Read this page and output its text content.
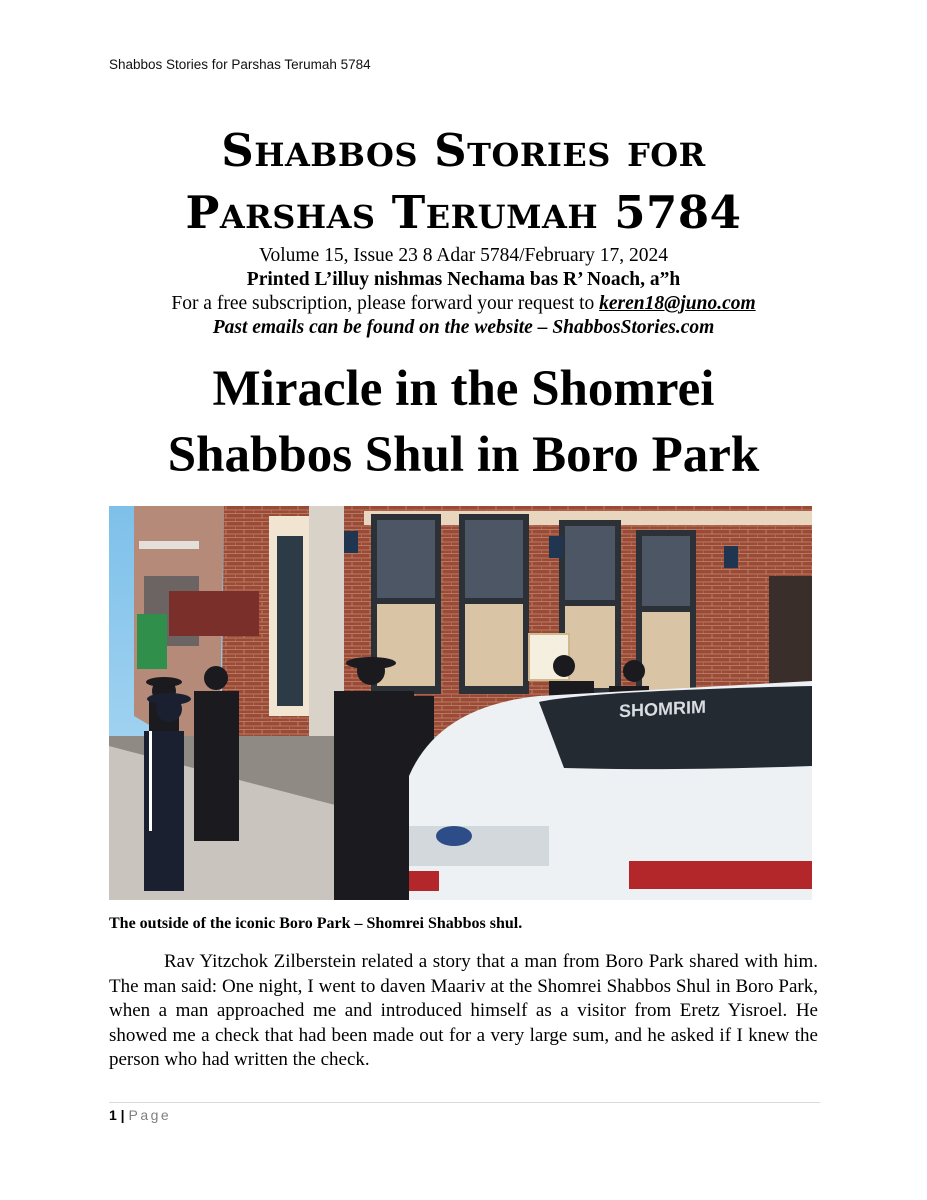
Shabbos Stories for Parshas Terumah 5784
Shabbos Stories for
Parshas Terumah 5784
Volume 15, Issue 23 8 Adar 5784/February 17, 2024
Printed L’illuy nishmas Nechama bas R’ Noach, a”h
For a free subscription, please forward your request to keren18@juno.com
Past emails can be found on the website – ShabbosStories.com
Miracle in the Shomrei
Shabbos Shul in Boro Park
SHOMRIM
The outside of the iconic Boro Park – Shomrei Shabbos shul.

Rav Yitzchok Zilberstein related a story that a man from Boro Park shared with him. The man said: One night, I went to daven Maariv at the Shomrei Shabbos Shul in Boro Park, when a man approached me and introduced himself as a visitor from Eretz Yisroel. He showed me a check that had been made out for a very large sum, and he asked if I knew the person who had written the check.

1 | Page
